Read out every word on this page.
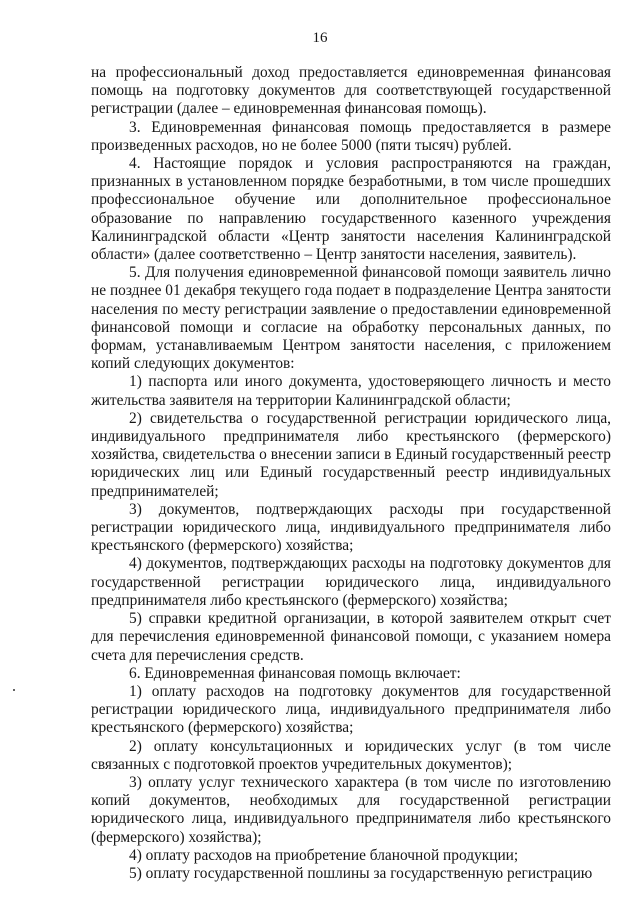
16

на профессиональный доход предоставляется единовременная финансовая помощь на подготовку документов для соответствующей государственной регистрации (далее – единовременная финансовая помощь).

3. Единовременная финансовая помощь предоставляется в размере произведенных расходов, но не более 5000 (пяти тысяч) рублей.

4. Настоящие порядок и условия распространяются на граждан, признанных в установленном порядке безработными, в том числе прошедших профессиональное обучение или дополнительное профессиональное образование по направлению государственного казенного учреждения Калининградской области «Центр занятости населения Калининградской области» (далее соответственно – Центр занятости населения, заявитель).

5. Для получения единовременной финансовой помощи заявитель лично не позднее 01 декабря текущего года подает в подразделение Центра занятости населения по месту регистрации заявление о предоставлении единовременной финансовой помощи и согласие на обработку персональных данных, по формам, устанавливаемым Центром занятости населения, с приложением копий следующих документов:

1) паспорта или иного документа, удостоверяющего личность и место жительства заявителя на территории Калининградской области;

2) свидетельства о государственной регистрации юридического лица, индивидуального предпринимателя либо крестьянского (фермерского) хозяйства, свидетельства о внесении записи в Единый государственный реестр юридических лиц или Единый государственный реестр индивидуальных предпринимателей;

3) документов, подтверждающих расходы при государственной регистрации юридического лица, индивидуального предпринимателя либо крестьянского (фермерского) хозяйства;

4) документов, подтверждающих расходы на подготовку документов для государственной регистрации юридического лица, индивидуального предпринимателя либо крестьянского (фермерского) хозяйства;

5) справки кредитной организации, в которой заявителем открыт счет для перечисления единовременной финансовой помощи, с указанием номера счета для перечисления средств.

6. Единовременная финансовая помощь включает:

1) оплату расходов на подготовку документов для государственной регистрации юридического лица, индивидуального предпринимателя либо крестьянского (фермерского) хозяйства;

2) оплату консультационных и юридических услуг (в том числе связанных с подготовкой проектов учредительных документов);

3) оплату услуг технического характера (в том числе по изготовлению копий документов, необходимых для государственной регистрации юридического лица, индивидуального предпринимателя либо крестьянского (фермерского) хозяйства);

4) оплату расходов на приобретение бланочной продукции;

5) оплату государственной пошлины за государственную регистрацию
